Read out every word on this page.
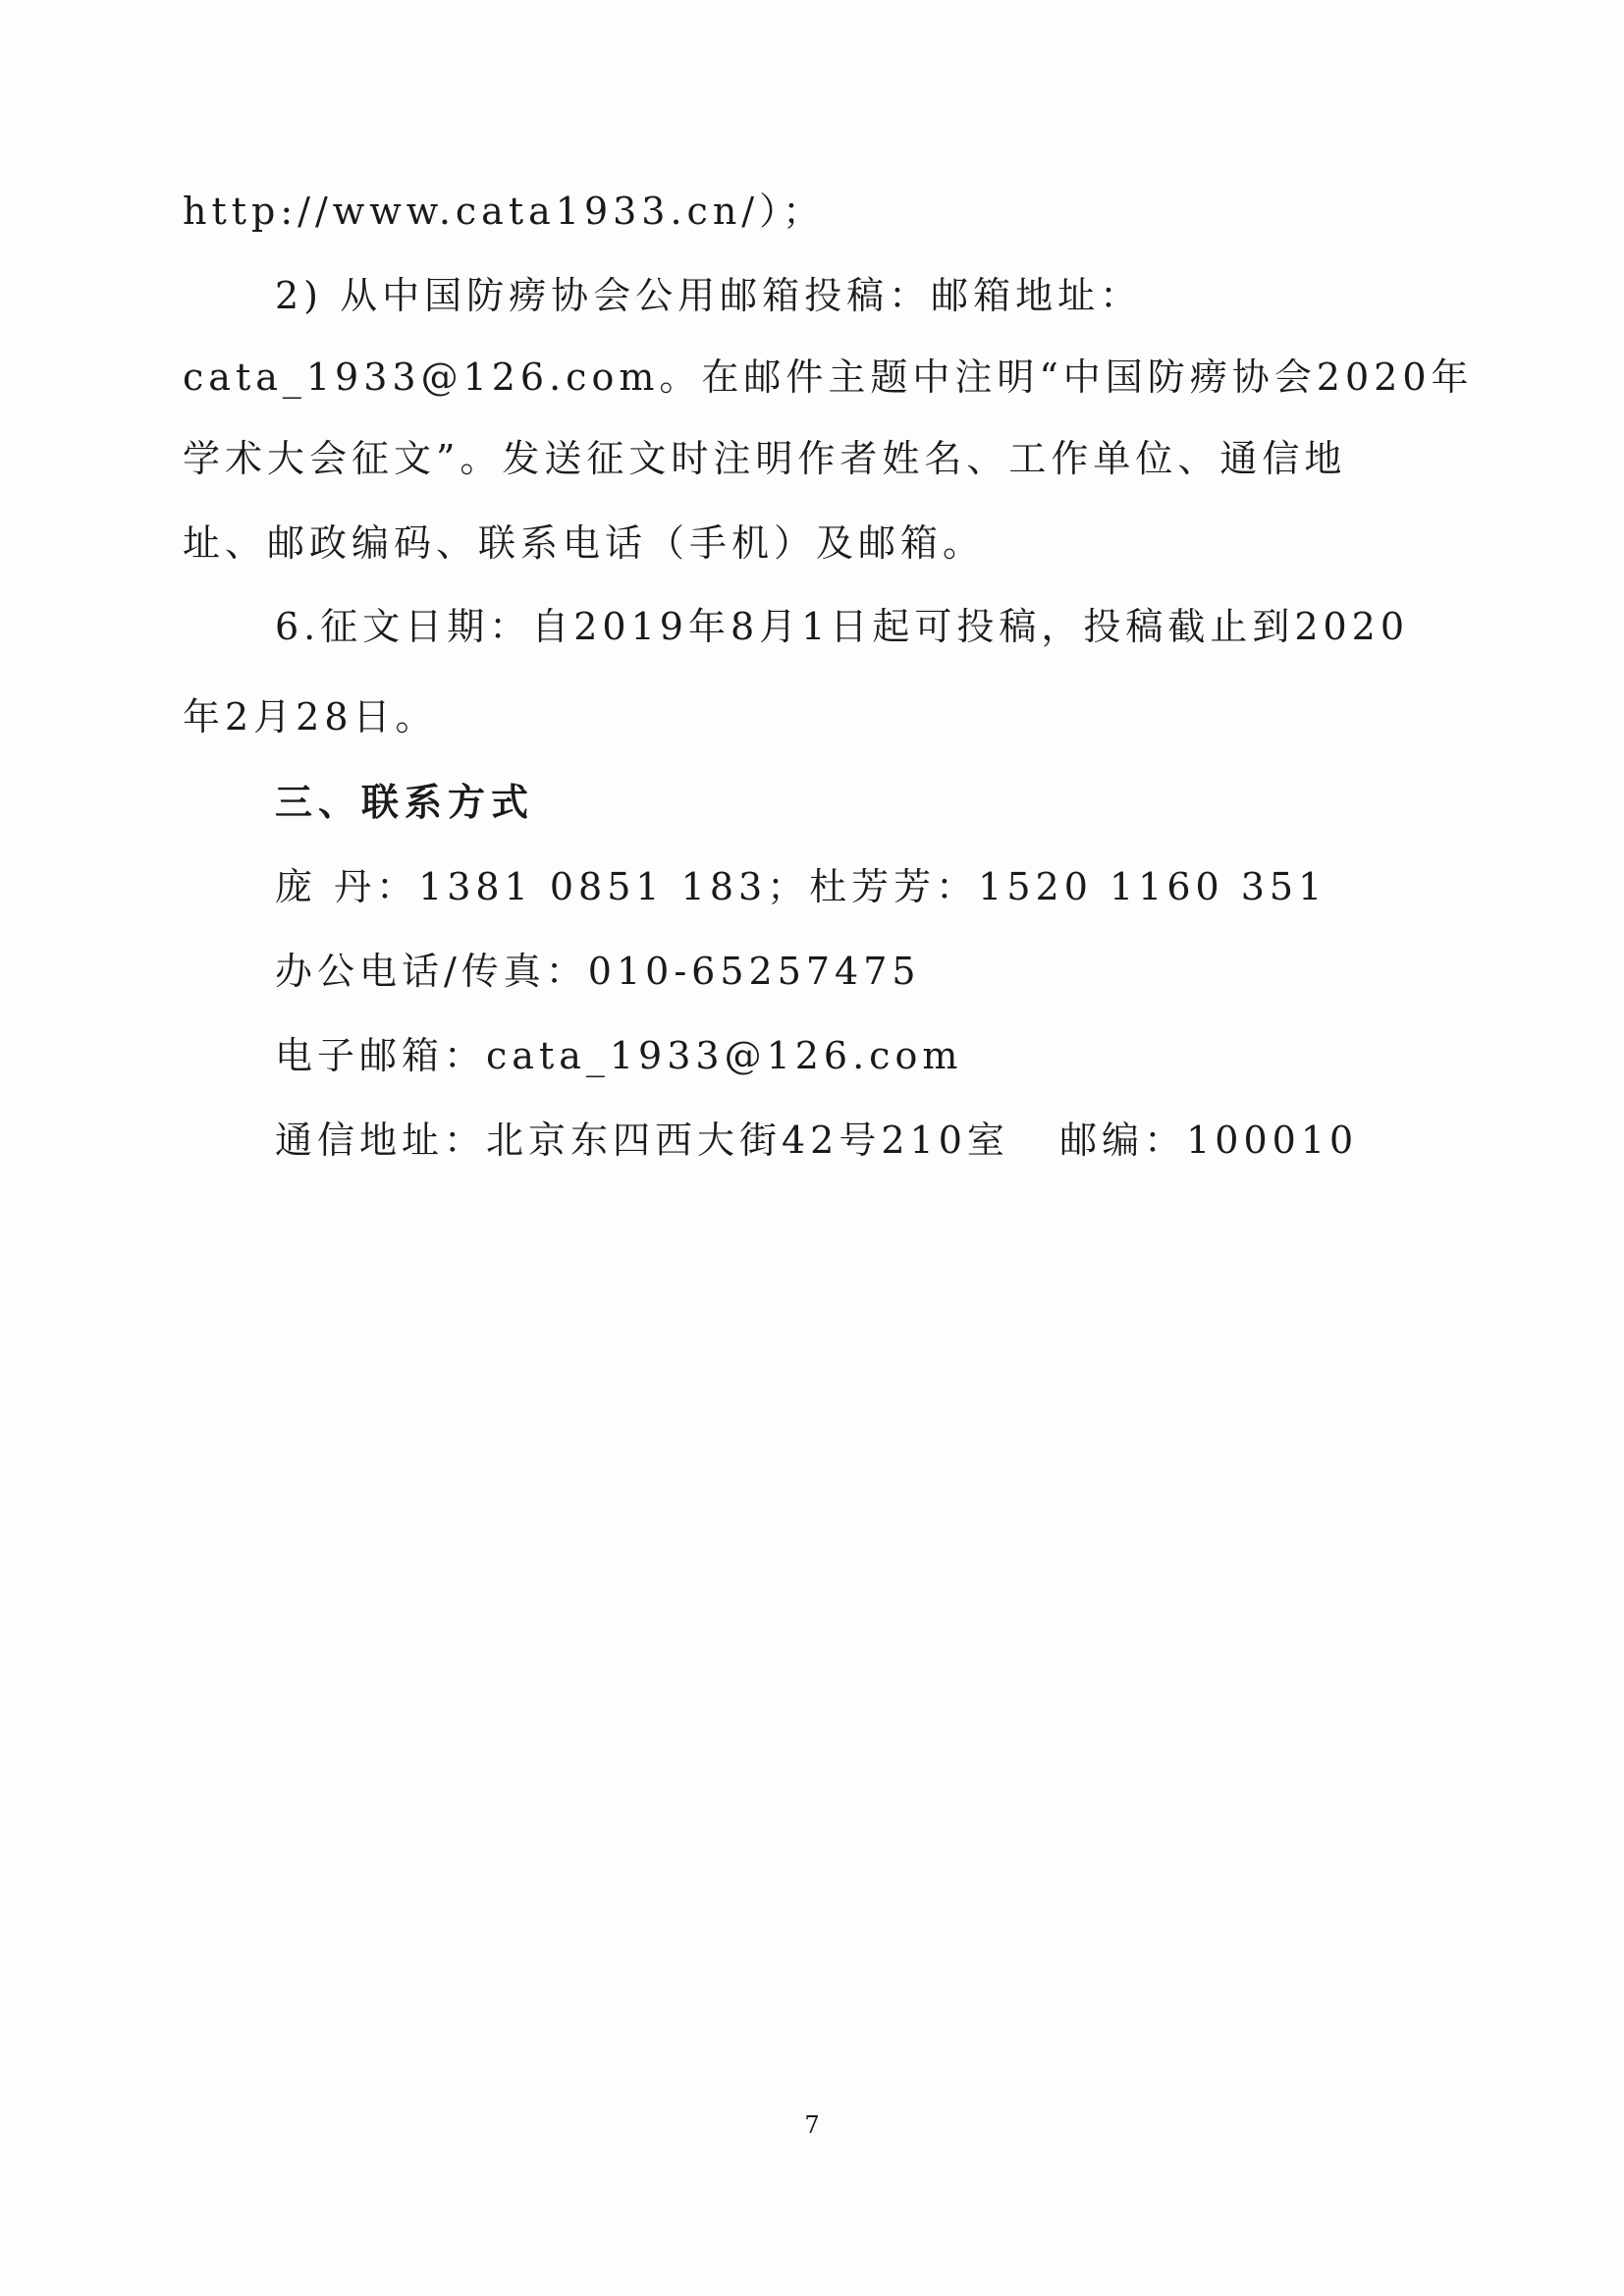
http://www.cata1933.cn/）；
2) 从中国防痨协会公用邮箱投稿：邮箱地址：
cata_1933@126.com。在邮件主题中注明“中国防痨协会2020年
学术大会征文”。发送征文时注明作者姓名、工作单位、通信地
址、邮政编码、联系电话（手机）及邮箱。
6.征文日期：自2019年8月1日起可投稿，投稿截止到2020
年2月28日。
三、联系方式
庞 丹：1381 0851 183；杜芳芳：1520 1160 351
办公电话/传真：010-65257475
电子邮箱：cata_1933@126.com
通信地址：北京东四西大街42号210室   邮编：100010
7
